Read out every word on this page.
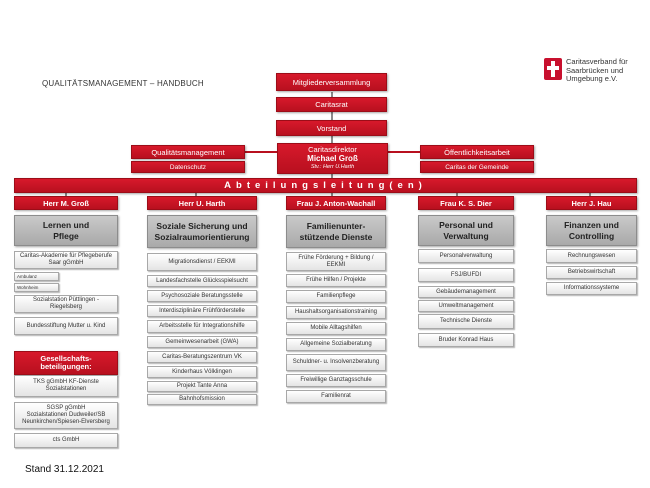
QUALITÄTSMANAGEMENT – HANDBUCH
Caritasverband für
Saarbrücken und
Umgebung e.V.
Mitgliederversammlung
Caritasrat
Vorstand
Qualitätsmanagement
Datenschutz
Öffentlichkeitsarbeit
Caritas der Gemeinde
Caritasdirektor
Michael Groß
Stv.: Herr U.Harth
Abteilungsleitung(en)
Herr M. Groß
Lernen und
Pflege
Caritas-Akademie für Pflegeberufe Saar gGmbH
Ambulanz
Wohnheim
Sozialstation Püttlingen - Riegelsberg
Bundesstiftung Mutter u. Kind
Gesellschafts-
beteiligungen:
TKS gGmbH KF-Dienste Sozialstationen
SGSP gGmbH
Sozialstationen Dudweiler/SB
Neunkirchen/Spiesen-Elversberg
cts GmbH
Herr U. Harth
Soziale Sicherung und
Sozialraumorientierung
Migrationsdienst / EEKMI
Landesfachstelle Glücksspielsucht
Psychosoziale Beratungsstelle
Interdisziplinäre Frühförderstelle
Arbeitsstelle für Integrationshilfe
Gemeinwesenarbeit (GWA)
Caritas-Beratungszentrum VK
Kinderhaus Völklingen
Projekt Tante Anna
Bahnhofsmission
Frau J. Anton-Wachall
Familienunter-
stützende Dienste
Frühe Förderung + Bildung / EEKMI
Frühe Hilfen / Projekte
Familienpflege
Haushaltsorganisationstraining
Mobile Alltagshilfen
Allgemeine Sozialberatung
Schuldner- u. Insolvenzberatung
Freiwillige Ganztagsschule
Familienrat
Frau K. S. Dier
Personal und
Verwaltung
Personalverwaltung
FSJ/BUFDI
Gebäudemanagement
Umweltmanagement
Technische Dienste
Bruder Konrad Haus
Herr J. Hau
Finanzen und
Controlling
Rechnungswesen
Betriebswirtschaft
Informationssysteme
Stand 31.12.2021
